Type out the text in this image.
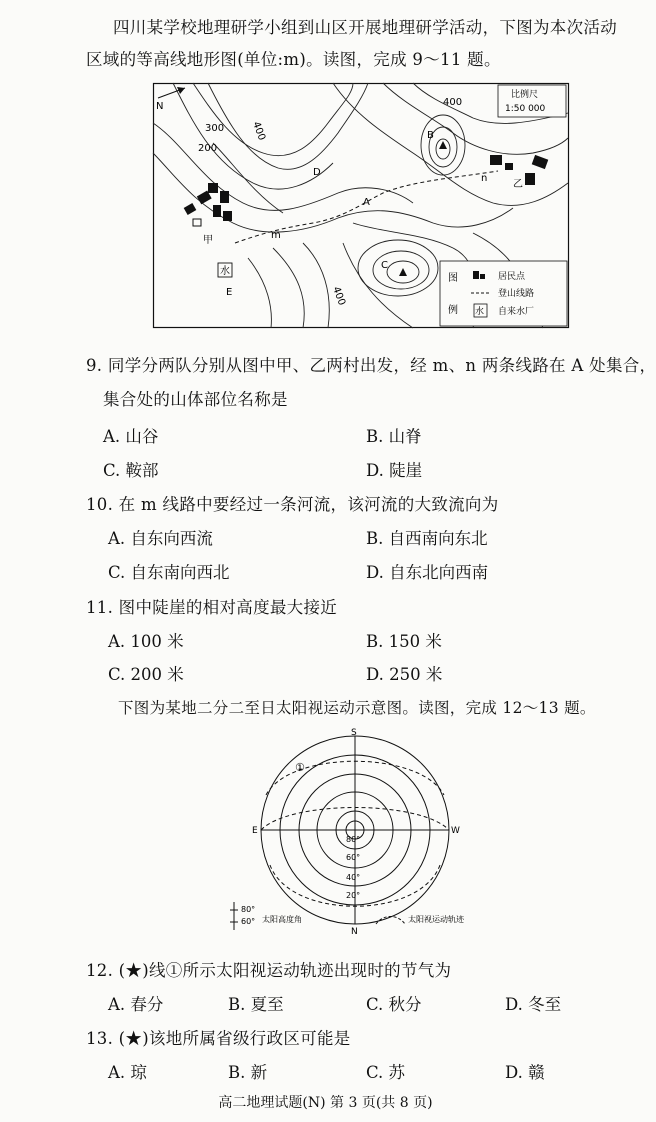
四川某学校地理研学小组到山区开展地理研学活动，下图为本次活动
区域的等高线地形图(单位:m)。读图，完成 9～11 题。
N
比例尺
1:50 000
400
300
200
400
400
B
C
D
A
m
n
E
甲
乙
水
图
例
居民点
登山线路
水 自来水厂
9. 同学分两队分别从图中甲、乙两村出发，经 m、n 两条线路在 A 处集合，
集合处的山体部位名称是
A. 山谷	B. 山脊
C. 鞍部	D. 陡崖
10. 在 m 线路中要经过一条河流，该河流的大致流向为
A. 自东向西流	B. 自西南向东北
C. 自东南向西北	D. 自东北向西南
11. 图中陡崖的相对高度最大接近
A. 100 米	B. 150 米
C. 200 米	D. 250 米
下图为某地二分二至日太阳视运动示意图。读图，完成 12～13 题。
S
N
E	W
①
80°
60°
40°
20°
80°
60° 太阳高度角	太阳视运动轨迹
12. (★)线①所示太阳视运动轨迹出现时的节气为
A. 春分	B. 夏至	C. 秋分	D. 冬至
13. (★)该地所属省级行政区可能是
A. 琼	B. 新	C. 苏	D. 赣
高二地理试题(N) 第 3 页(共 8 页)
